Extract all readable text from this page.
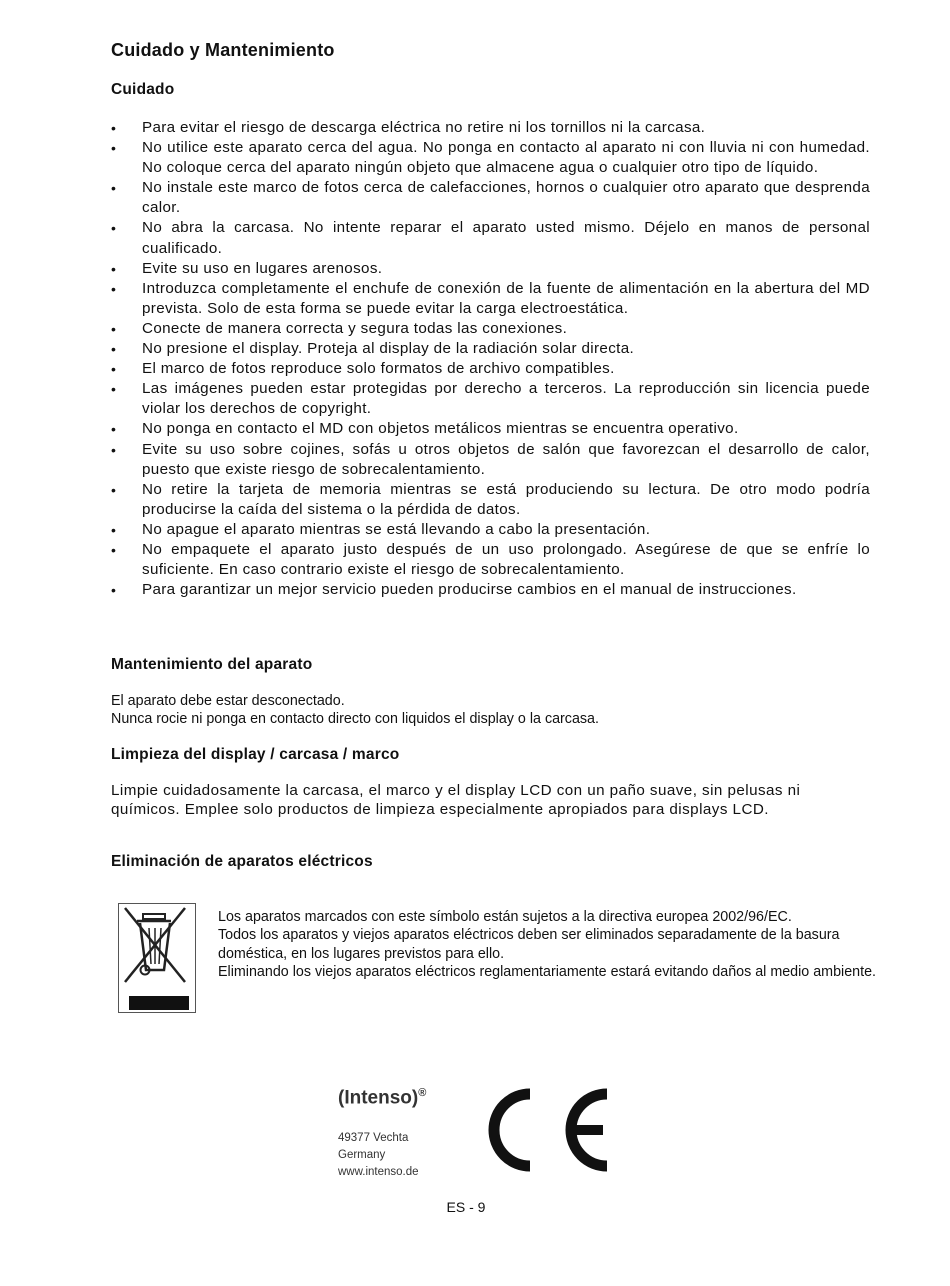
Cuidado y Mantenimiento
Cuidado
• Para evitar el riesgo de descarga eléctrica no retire ni los tornillos ni la carcasa.
• No utilice este aparato cerca del agua. No ponga en contacto al aparato ni con lluvia ni con humedad. No coloque cerca del aparato ningún objeto que almacene agua o cualquier otro tipo de líquido.
• No instale este marco de fotos cerca de calefacciones, hornos o cualquier otro aparato que desprenda calor.
• No abra la carcasa. No intente reparar el aparato usted mismo. Déjelo en manos de personal cualificado.
• Evite su uso en lugares arenosos.
• Introduzca completamente el enchufe de conexión de la fuente de alimentación en la abertura del MD prevista. Solo de esta forma se puede evitar la carga electroestática.
• Conecte de manera correcta y segura todas las conexiones.
• No presione el display. Proteja al display de la radiación solar directa.
• El marco de fotos reproduce solo formatos de archivo compatibles.
• Las imágenes pueden estar protegidas por derecho a terceros. La reproducción sin licencia puede violar los derechos de copyright.
• No ponga en contacto el MD con objetos metálicos mientras se encuentra operativo.
• Evite su uso sobre cojines, sofás u otros objetos de salón que favorezcan el desarrollo de calor, puesto que existe riesgo de sobrecalentamiento.
• No retire la tarjeta de memoria mientras se está produciendo su lectura. De otro modo podría producirse la caída del sistema o la pérdida de datos.
• No apague el aparato mientras se está llevando a cabo la presentación.
• No empaquete el aparato justo después de un uso prolongado. Asegúrese de que se enfríe lo suficiente. En caso contrario existe el riesgo de sobrecalentamiento.
• Para garantizar un mejor servicio pueden producirse cambios en el manual de instrucciones.
Mantenimiento del aparato
El aparato debe estar desconectado.
Nunca rocie ni ponga en contacto directo con liquidos el display o la carcasa.
Limpieza del display / carcasa / marco
Limpie cuidadosamente la carcasa, el marco y el display LCD con un paño suave, sin pelusas ni químicos. Emplee solo productos de limpieza especialmente apropiados para displays LCD.
Eliminación de aparatos eléctricos
Los aparatos marcados con este símbolo están sujetos a la directiva europea 2002/96/EC.
Todos los aparatos y viejos aparatos eléctricos deben ser eliminados separadamente de la basura doméstica, en los lugares previstos para ello.
Eliminando los viejos aparatos eléctricos reglamentariamente estará evitando daños al medio ambiente.
(Intenso)®
49377 Vechta
Germany
www.intenso.de
ES - 9
